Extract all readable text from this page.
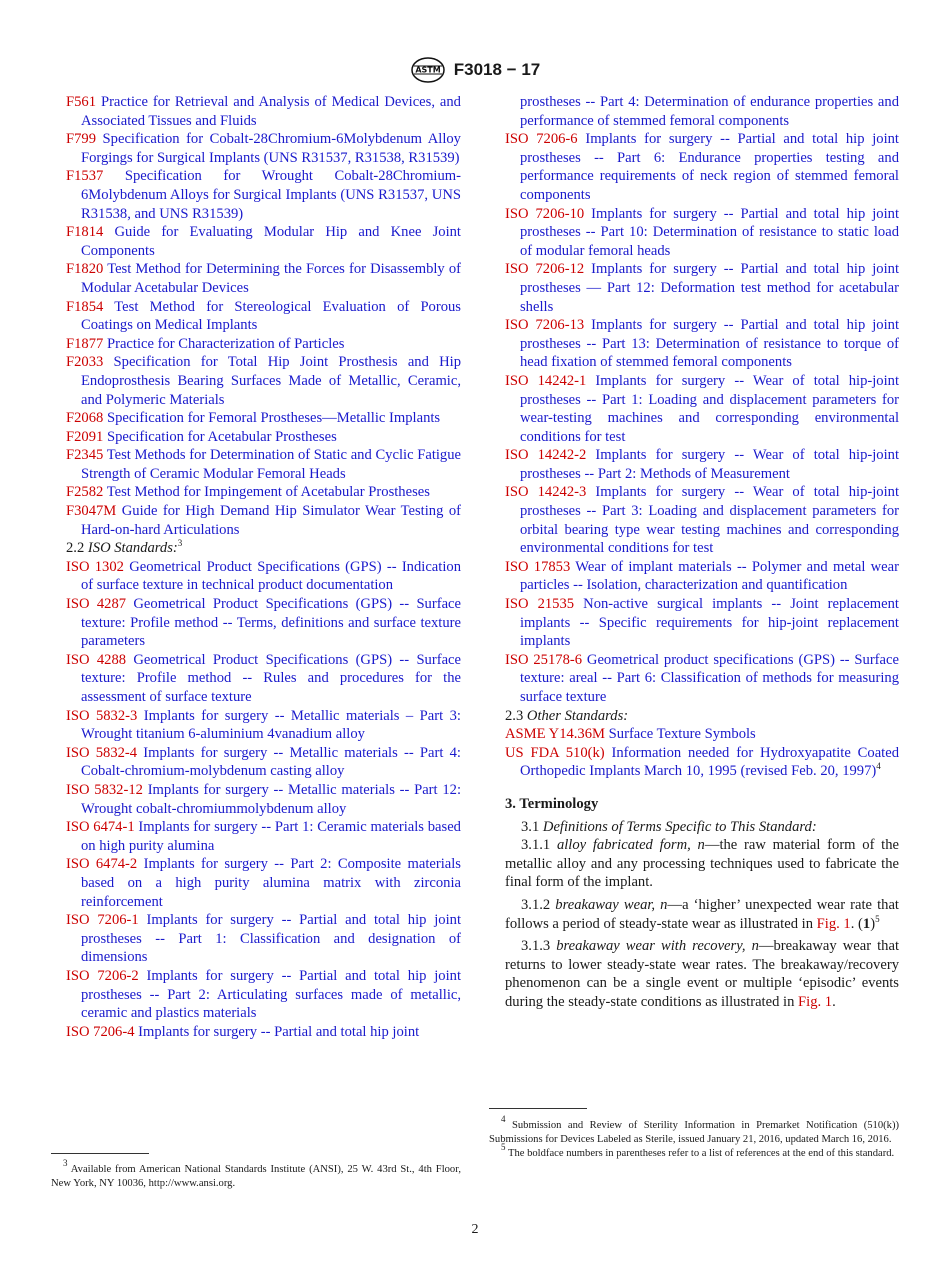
ASTM F3018 − 17

F561 Practice for Retrieval and Analysis of Medical Devices, and Associated Tissues and Fluids

F799 Specification for Cobalt-28Chromium-6Molybdenum Alloy Forgings for Surgical Implants (UNS R31537, R31538, R31539)

F1537 Specification for Wrought Cobalt-28Chromium-6Molybdenum Alloys for Surgical Implants (UNS R31537, UNS R31538, and UNS R31539)

F1814 Guide for Evaluating Modular Hip and Knee Joint Components

F1820 Test Method for Determining the Forces for Disassembly of Modular Acetabular Devices

F1854 Test Method for Stereological Evaluation of Porous Coatings on Medical Implants

F1877 Practice for Characterization of Particles

F2033 Specification for Total Hip Joint Prosthesis and Hip Endoprosthesis Bearing Surfaces Made of Metallic, Ceramic, and Polymeric Materials

F2068 Specification for Femoral Prostheses—Metallic Implants

F2091 Specification for Acetabular Prostheses

F2345 Test Methods for Determination of Static and Cyclic Fatigue Strength of Ceramic Modular Femoral Heads

F2582 Test Method for Impingement of Acetabular Prostheses

F3047M Guide for High Demand Hip Simulator Wear Testing of Hard-on-hard Articulations

2.2 ISO Standards:$^3$

ISO 1302 Geometrical Product Specifications (GPS) -- Indication of surface texture in technical product documentation

ISO 4287 Geometrical Product Specifications (GPS) -- Surface texture: Profile method -- Terms, definitions and surface texture parameters

ISO 4288 Geometrical Product Specifications (GPS) -- Surface texture: Profile method -- Rules and procedures for the assessment of surface texture

ISO 5832-3 Implants for surgery -- Metallic materials – Part 3: Wrought titanium 6-aluminium 4vanadium alloy

ISO 5832-4 Implants for surgery -- Metallic materials -- Part 4: Cobalt-chromium-molybdenum casting alloy

ISO 5832-12 Implants for surgery -- Metallic materials -- Part 12: Wrought cobalt-chromiummolybdenum alloy

ISO 6474-1 Implants for surgery -- Part 1: Ceramic materials based on high purity alumina

ISO 6474-2 Implants for surgery -- Part 2: Composite materials based on a high purity alumina matrix with zirconia reinforcement

ISO 7206-1 Implants for surgery -- Partial and total hip joint prostheses -- Part 1: Classification and designation of dimensions

ISO 7206-2 Implants for surgery -- Partial and total hip joint prostheses -- Part 2: Articulating surfaces made of metallic, ceramic and plastics materials

ISO 7206-4 Implants for surgery -- Partial and total hip joint

prostheses -- Part 4: Determination of endurance properties and performance of stemmed femoral components

ISO 7206-6 Implants for surgery -- Partial and total hip joint prostheses -- Part 6: Endurance properties testing and performance requirements of neck region of stemmed femoral components

ISO 7206-10 Implants for surgery -- Partial and total hip joint prostheses -- Part 10: Determination of resistance to static load of modular femoral heads

ISO 7206-12 Implants for surgery -- Partial and total hip joint prostheses — Part 12: Deformation test method for acetabular shells

ISO 7206-13 Implants for surgery -- Partial and total hip joint prostheses -- Part 13: Determination of resistance to torque of head fixation of stemmed femoral components

ISO 14242-1 Implants for surgery -- Wear of total hip-joint prostheses -- Part 1: Loading and displacement parameters for wear-testing machines and corresponding environmental conditions for test

ISO 14242-2 Implants for surgery -- Wear of total hip-joint prostheses -- Part 2: Methods of Measurement

ISO 14242-3 Implants for surgery -- Wear of total hip-joint prostheses -- Part 3: Loading and displacement parameters for orbital bearing type wear testing machines and corresponding environmental conditions for test

ISO 17853 Wear of implant materials -- Polymer and metal wear particles -- Isolation, characterization and quantification

ISO 21535 Non-active surgical implants -- Joint replacement implants -- Specific requirements for hip-joint replacement implants

ISO 25178-6 Geometrical product specifications (GPS) -- Surface texture: areal -- Part 6: Classification of methods for measuring surface texture

2.3 Other Standards:

ASME Y14.36M Surface Texture Symbols

US FDA 510(k) Information needed for Hydroxyapatite Coated Orthopedic Implants March 10, 1995 (revised Feb. 20, 1997)$^4$

3. Terminology

3.1 Definitions of Terms Specific to This Standard:

3.1.1 alloy fabricated form, n—the raw material form of the metallic alloy and any processing techniques used to fabricate the final form of the implant.

3.1.2 breakaway wear, n—a ‘higher’ unexpected wear rate that follows a period of steady-state wear as illustrated in Fig. 1. $(1)^5$

3.1.3 breakaway wear with recovery, n—breakaway wear that returns to lower steady-state wear rates. The breakaway/recovery phenomenon can be a single event or multiple ‘episodic’ events during the steady-state conditions as illustrated in Fig. 1.

$^3$ Available from American National Standards Institute (ANSI), 25 W. 43rd St., 4th Floor, New York, NY 10036, http://www.ansi.org.

$^4$ Submission and Review of Sterility Information in Premarket Notification (510(k)) Submissions for Devices Labeled as Sterile, issued January 21, 2016, updated March 16, 2016.

$^5$ The boldface numbers in parentheses refer to a list of references at the end of this standard.

2
